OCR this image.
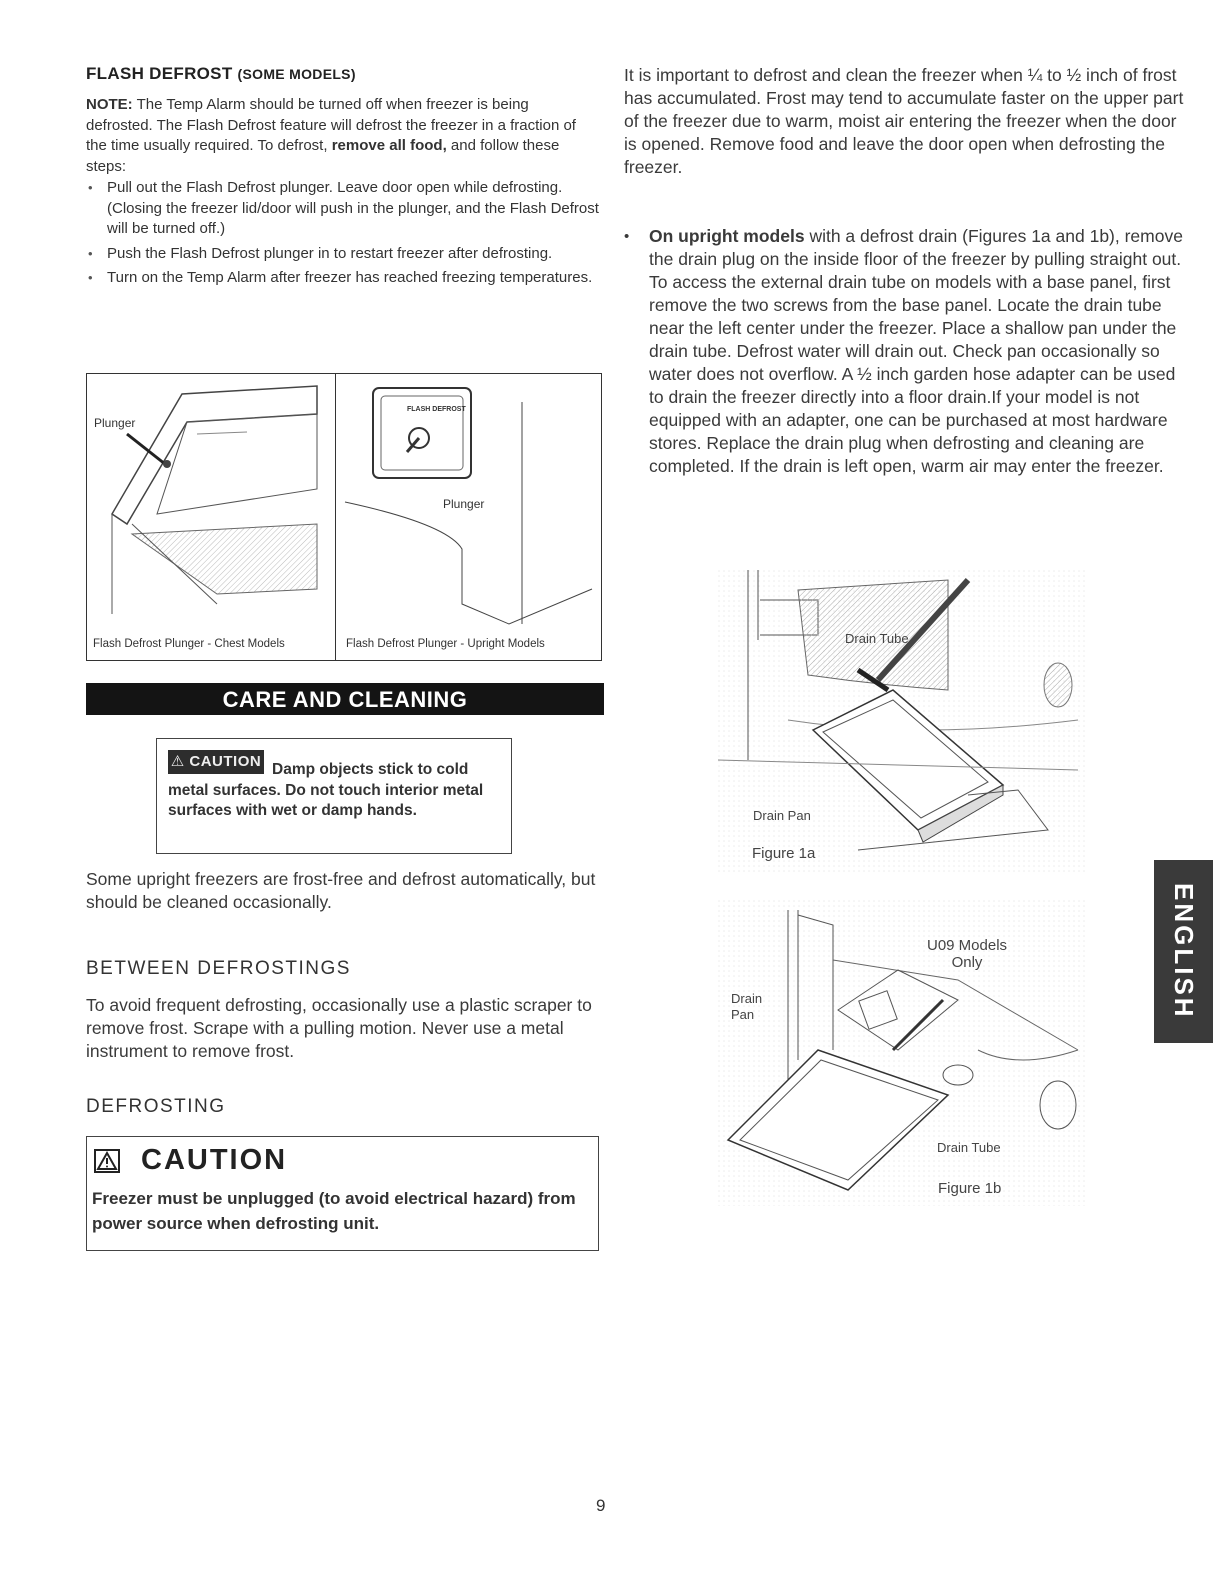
FLASH DEFROST (SOME MODELS)
NOTE: The Temp Alarm should be turned off when freezer is being defrosted. The Flash Defrost feature will defrost the freezer in a fraction of the time usually required. To defrost, remove all food, and follow these steps:
• Pull out the Flash Defrost plunger. Leave door open while defrosting. (Closing the freezer lid/door will push in the plunger, and the Flash Defrost will be turned off.)
• Push the Flash Defrost plunger in to restart freezer after defrosting.
• Turn on the Temp Alarm after freezer has reached freezing temperatures.
Plunger
Flash Defrost Plunger - Chest Models
FLASH DEFROST
Plunger
Flash Defrost Plunger - Upright Models
CARE AND CLEANING
⚠ CAUTION Damp objects stick to cold metal surfaces. Do not touch interior metal surfaces with wet or damp hands.
Some upright freezers are frost-free and defrost automatically, but should be cleaned occasionally.
BETWEEN DEFROSTINGS
To avoid frequent defrosting, occasionally use a plastic scraper to remove frost. Scrape with a pulling motion. Never use a metal instrument to remove frost.
DEFROSTING
CAUTION
Freezer must be unplugged (to avoid electrical hazard) from power source when defrosting unit.
It is important to defrost and clean the freezer when ¼ to ½ inch of frost has accumulated. Frost may tend to accumulate faster on the upper part of the freezer due to warm, moist air entering the freezer when the door is opened. Remove food and leave the door open when defrosting the freezer.
• On upright models with a defrost drain (Figures 1a and 1b), remove the drain plug on the inside floor of the freezer by pulling straight out. To access the external drain tube on models with a base panel, first remove the two screws from the base panel. Locate the drain tube near the left center under the freezer. Place a shallow pan under the drain tube. Defrost water will drain out. Check pan occasionally so water does not overflow. A ½ inch garden hose adapter can be used to drain the freezer directly into a floor drain.If your model is not equipped with an adapter, one can be purchased at most hardware stores. Replace the drain plug when defrosting and cleaning are completed. If the drain is left open, warm air may enter the freezer.
Drain Tube
Drain Pan
Figure 1a
U09 Models
Only
Drain
Pan
Drain Tube
Figure 1b
ENGLISH
9
